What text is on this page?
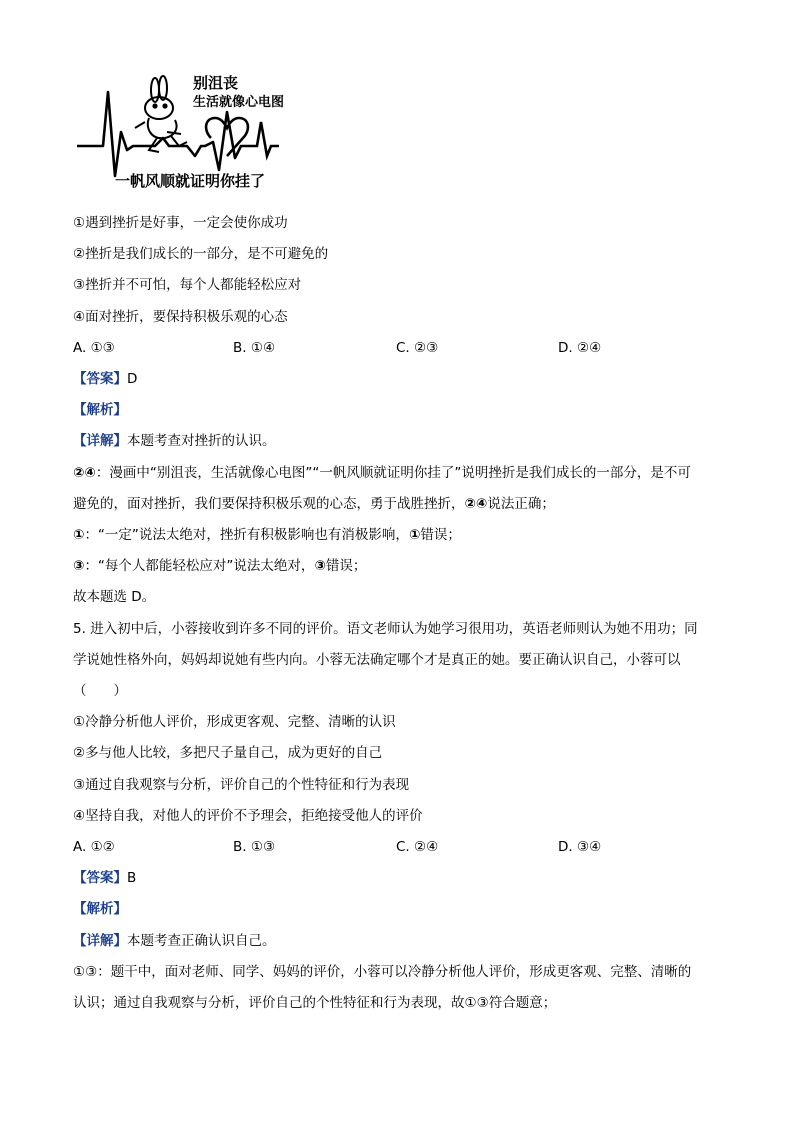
别沮丧
生活就像心电图
一帆风顺就证明你挂了
①遇到挫折是好事，一定会使你成功
②挫折是我们成长的一部分，是不可避免的
③挫折并不可怕，每个人都能轻松应对
④面对挫折，要保持积极乐观的心态
A. ①③	B. ①④	C. ②③	D. ②④
【答案】D
【解析】
【详解】本题考查对挫折的认识。
②④：漫画中“别沮丧，生活就像心电图”“一帆风顺就证明你挂了”说明挫折是我们成长的一部分，是不可
避免的，面对挫折，我们要保持积极乐观的心态，勇于战胜挫折，②④说法正确；
①：“一定”说法太绝对，挫折有积极影响也有消极影响，①错误；
③：“每个人都能轻松应对”说法太绝对，③错误；
故本题选 D。
5. 进入初中后，小蓉接收到许多不同的评价。语文老师认为她学习很用功，英语老师则认为她不用功；同
学说她性格外向，妈妈却说她有些内向。小蓉无法确定哪个才是真正的她。要正确认识自己，小蓉可以
（　　）
①冷静分析他人评价，形成更客观、完整、清晰的认识
②多与他人比较，多把尺子量自己，成为更好的自己
③通过自我观察与分析，评价自己的个性特征和行为表现
④坚持自我，对他人的评价不予理会，拒绝接受他人的评价
A. ①②	B. ①③	C. ②④	D. ③④
【答案】B
【解析】
【详解】本题考查正确认识自己。
①③：题干中，面对老师、同学、妈妈的评价，小蓉可以冷静分析他人评价，形成更客观、完整、清晰的
认识；通过自我观察与分析，评价自己的个性特征和行为表现，故①③符合题意；
